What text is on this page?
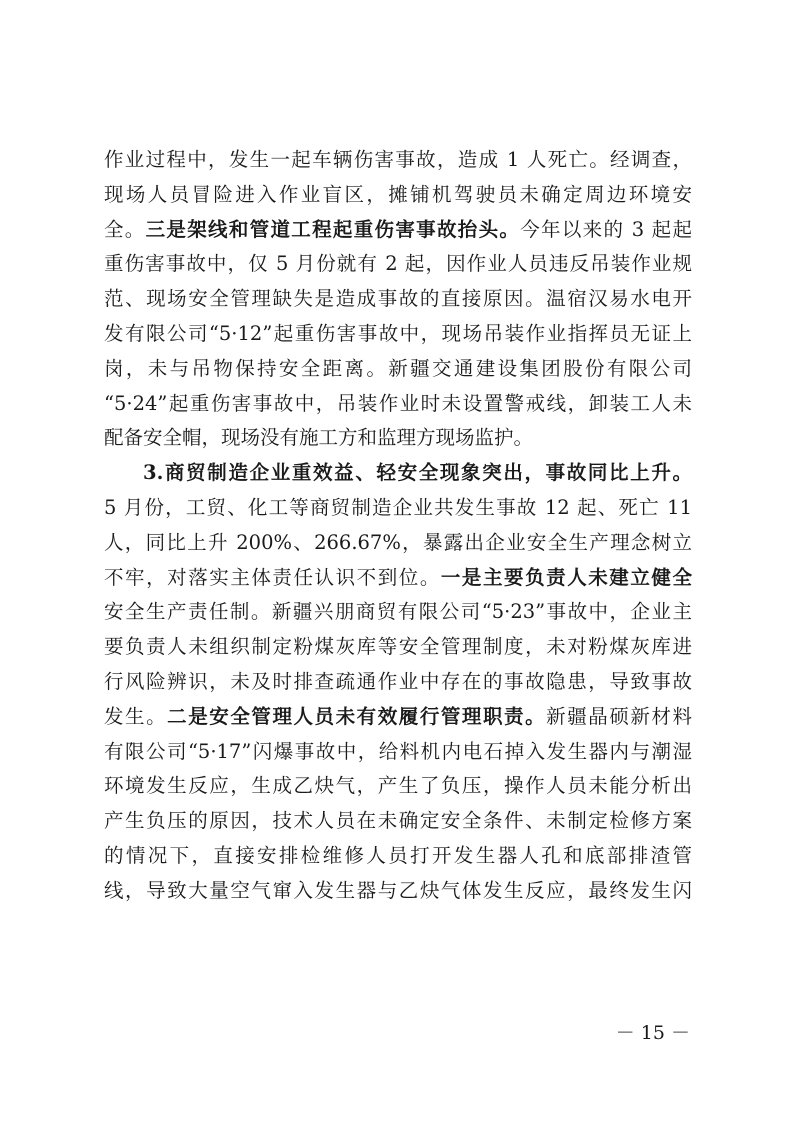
作业过程中，发生一起车辆伤害事故，造成 1 人死亡。经调查，
现场人员冒险进入作业盲区，摊铺机驾驶员未确定周边环境安
全。三是架线和管道工程起重伤害事故抬头。今年以来的 3 起起
重伤害事故中，仅 5 月份就有 2 起，因作业人员违反吊装作业规
范、现场安全管理缺失是造成事故的直接原因。温宿汉易水电开
发有限公司“5·12”起重伤害事故中，现场吊装作业指挥员无证上
岗，未与吊物保持安全距离。新疆交通建设集团股份有限公司
“5·24”起重伤害事故中，吊装作业时未设置警戒线，卸装工人未
配备安全帽，现场没有施工方和监理方现场监护。
3.商贸制造企业重效益、轻安全现象突出，事故同比上升。
5 月份，工贸、化工等商贸制造企业共发生事故 12 起、死亡 11
人，同比上升 200%、266.67%，暴露出企业安全生产理念树立
不牢，对落实主体责任认识不到位。一是主要负责人未建立健全
安全生产责任制。新疆兴朋商贸有限公司“5·23”事故中，企业主
要负责人未组织制定粉煤灰库等安全管理制度，未对粉煤灰库进
行风险辨识，未及时排查疏通作业中存在的事故隐患，导致事故
发生。二是安全管理人员未有效履行管理职责。新疆晶硕新材料
有限公司“5·17”闪爆事故中，给料机内电石掉入发生器内与潮湿
环境发生反应，生成乙炔气，产生了负压，操作人员未能分析出
产生负压的原因，技术人员在未确定安全条件、未制定检修方案
的情况下，直接安排检维修人员打开发生器人孔和底部排渣管
线，导致大量空气窜入发生器与乙炔气体发生反应，最终发生闪
－ 15 －
